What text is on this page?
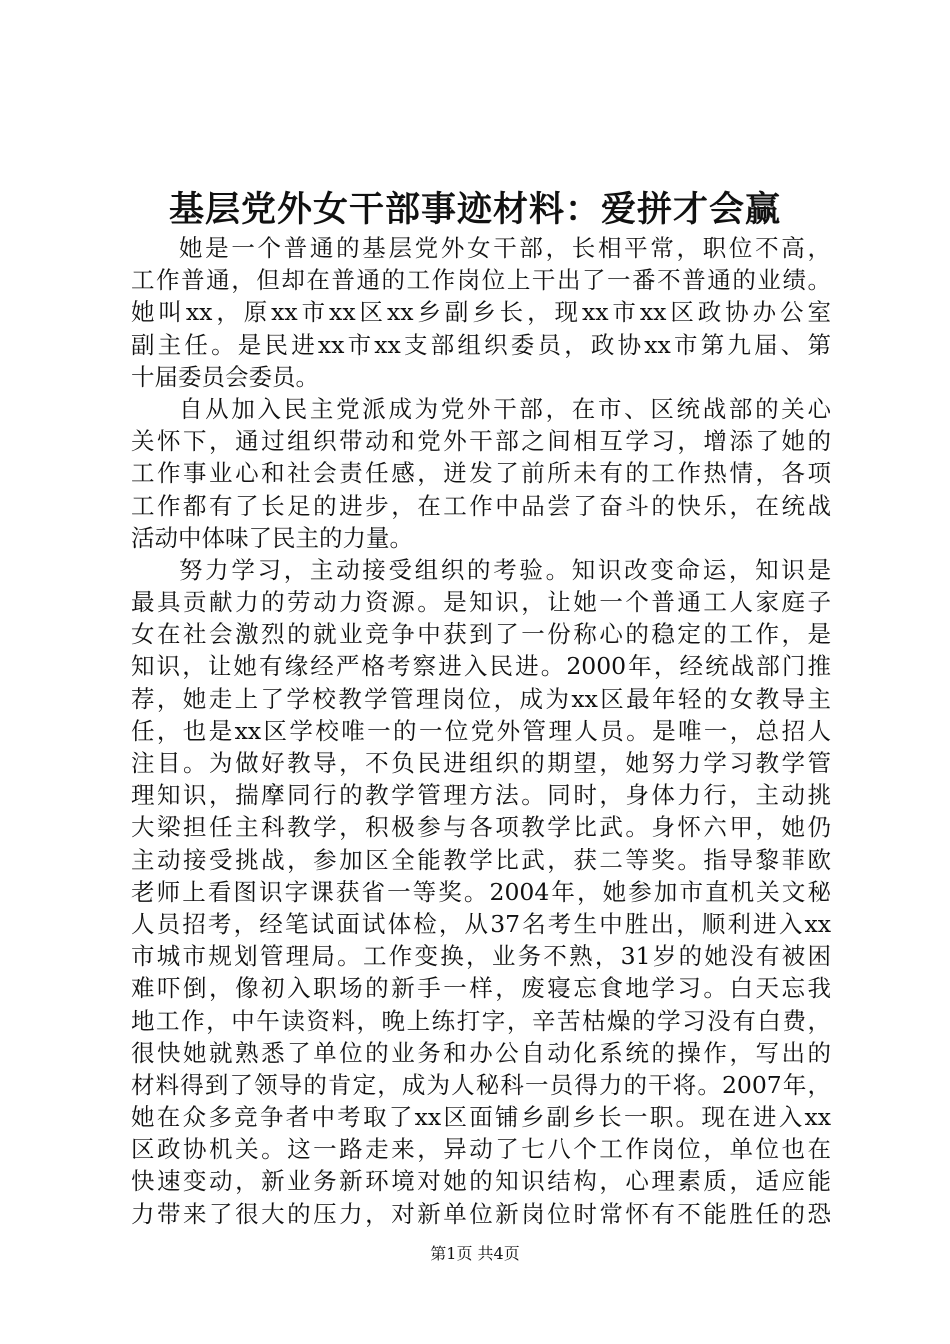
基层党外女干部事迹材料：爱拼才会赢
她是一个普通的基层党外女干部，长相平常，职位不高，
工作普通，但却在普通的工作岗位上干出了一番不普通的业绩。
她叫xx，原xx市xx区xx乡副乡长，现xx市xx区政协办公室
副主任。是民进xx市xx支部组织委员，政协xx市第九届、第
十届委员会委员。
自从加入民主党派成为党外干部，在市、区统战部的关心
关怀下，通过组织带动和党外干部之间相互学习，增添了她的
工作事业心和社会责任感，迸发了前所未有的工作热情，各项
工作都有了长足的进步，在工作中品尝了奋斗的快乐，在统战
活动中体味了民主的力量。
努力学习，主动接受组织的考验。知识改变命运，知识是
最具贡献力的劳动力资源。是知识，让她一个普通工人家庭子
女在社会激烈的就业竞争中获到了一份称心的稳定的工作，是
知识，让她有缘经严格考察进入民进。2000年，经统战部门推
荐，她走上了学校教学管理岗位，成为xx区最年轻的女教导主
任，也是xx区学校唯一的一位党外管理人员。是唯一，总招人
注目。为做好教导，不负民进组织的期望，她努力学习教学管
理知识，揣摩同行的教学管理方法。同时，身体力行，主动挑
大梁担任主科教学，积极参与各项教学比武。身怀六甲，她仍
主动接受挑战，参加区全能教学比武，获二等奖。指导黎菲欧
老师上看图识字课获省一等奖。2004年，她参加市直机关文秘
人员招考，经笔试面试体检，从37名考生中胜出，顺利进入xx
市城市规划管理局。工作变换，业务不熟，31岁的她没有被困
难吓倒，像初入职场的新手一样，废寝忘食地学习。白天忘我
地工作，中午读资料，晚上练打字，辛苦枯燥的学习没有白费，
很快她就熟悉了单位的业务和办公自动化系统的操作，写出的
材料得到了领导的肯定，成为人秘科一员得力的干将。2007年，
她在众多竞争者中考取了xx区面铺乡副乡长一职。现在进入xx
区政协机关。这一路走来，异动了七八个工作岗位，单位也在
快速变动，新业务新环境对她的知识结构，心理素质，适应能
力带来了很大的压力，对新单位新岗位时常怀有不能胜任的恐
第1页 共4页
